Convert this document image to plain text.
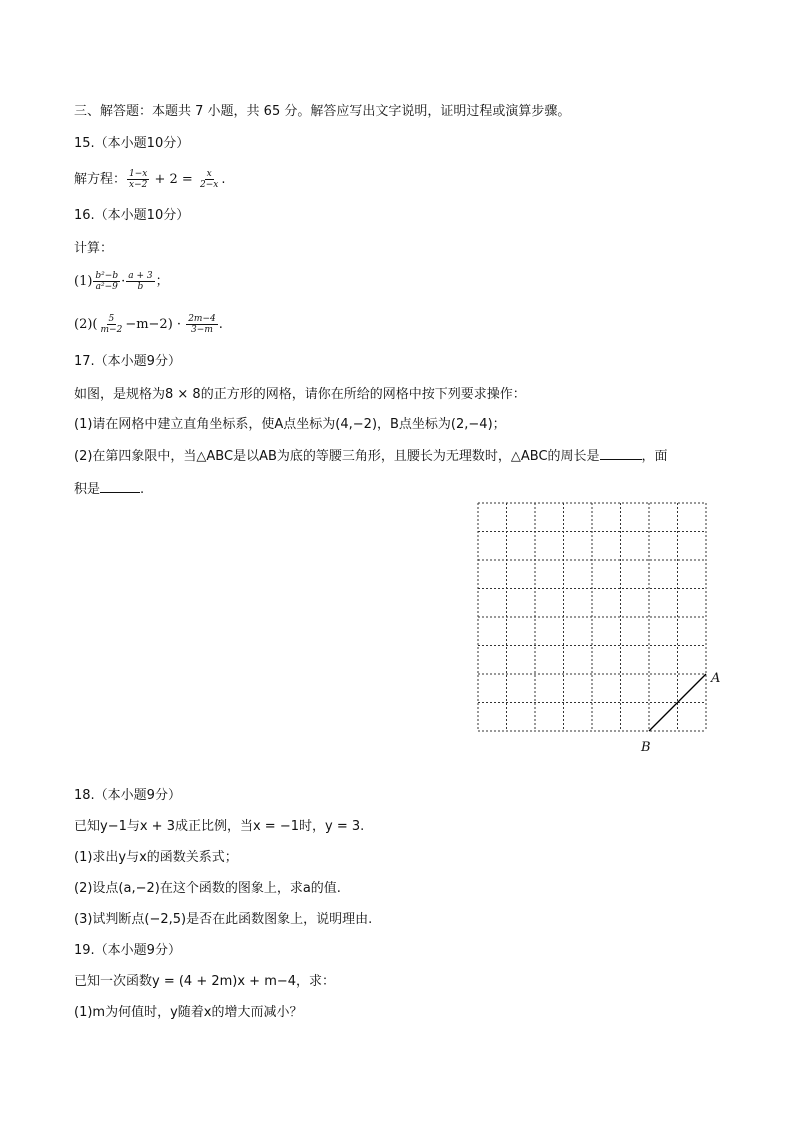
三、解答题：本题共 7 小题，共 65 分。解答应写出文字说明，证明过程或演算步骤。
15.（本小题10分）
解方程： $\frac{1-x}{x-2} + 2 = \frac{x}{2-x}$ .
16.（本小题10分）
计算：
$(1) \frac{\text{b²−b}}{\text{a²−9}} \cdot \frac{a + 3}{b}$ ；
$(2)( \frac{5}{m-2} -m-2) \cdot \frac{2m-4}{3-m}$ .
17.（本小题9分）
如图，是规格为8 × 8的正方形的网格，请你在所给的网格中按下列要求操作：
(1)请在网格中建立直角坐标系，使A点坐标为(4,−2)，B点坐标为(2,−4)；
(2)在第四象限中，当△ABC是以AB为底的等腰三角形，且腰长为无理数时，△ABC的周长是	，面
积是	.
A
B
18.（本小题9分）
已知y−1与x + 3成正比例，当x = −1时，y = 3.
(1)求出y与x的函数关系式；
(2)设点(a,−2)在这个函数的图象上，求a的值.
(3)试判断点(−2,5)是否在此函数图象上，说明理由.
19.（本小题9分）
已知一次函数y = (4 + 2m)x + m−4，求：
(1)m为何值时，y随着x的增大而减小？
